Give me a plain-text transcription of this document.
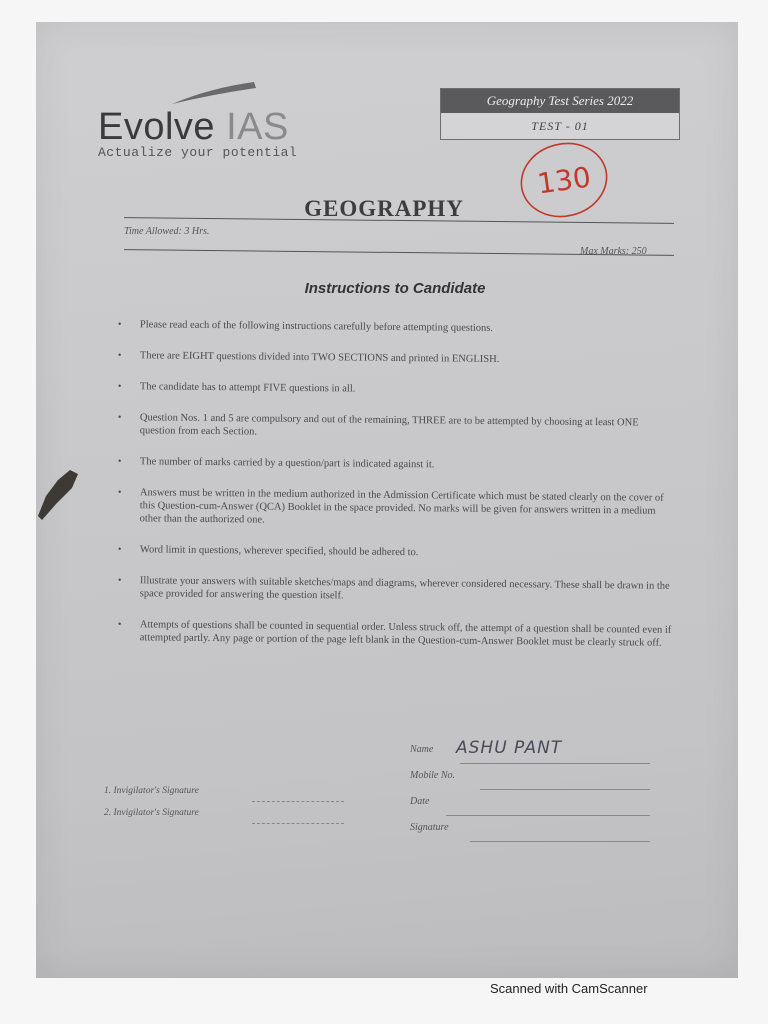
Evolve IAS
Actualize your potential
Geography Test Series 2022
TEST - 01
130
GEOGRAPHY
Time Allowed: 3 Hrs.
Max Marks: 250
Instructions to Candidate
• Please read each of the following instructions carefully before attempting questions.
• There are EIGHT questions divided into TWO SECTIONS and printed in ENGLISH.
• The candidate has to attempt FIVE questions in all.
• Question Nos. 1 and 5 are compulsory and out of the remaining, THREE are to be attempted by choosing at least ONE question from each Section.
• The number of marks carried by a question/part is indicated against it.
• Answers must be written in the medium authorized in the Admission Certificate which must be stated clearly on the cover of this Question-cum-Answer (QCA) Booklet in the space provided. No marks will be given for answers written in a medium other than the authorized one.
• Word limit in questions, wherever specified, should be adhered to.
• Illustrate your answers with suitable sketches/maps and diagrams, wherever considered necessary. These shall be drawn in the space provided for answering the question itself.
• Attempts of questions shall be counted in sequential order. Unless struck off, the attempt of a question shall be counted even if attempted partly. Any page or portion of the page left blank in the Question-cum-Answer Booklet must be clearly struck off.
Name ASHU PANT
Mobile No.
Date
Signature
1. Invigilator's Signature
2. Invigilator's Signature
Scanned with CamScanner
